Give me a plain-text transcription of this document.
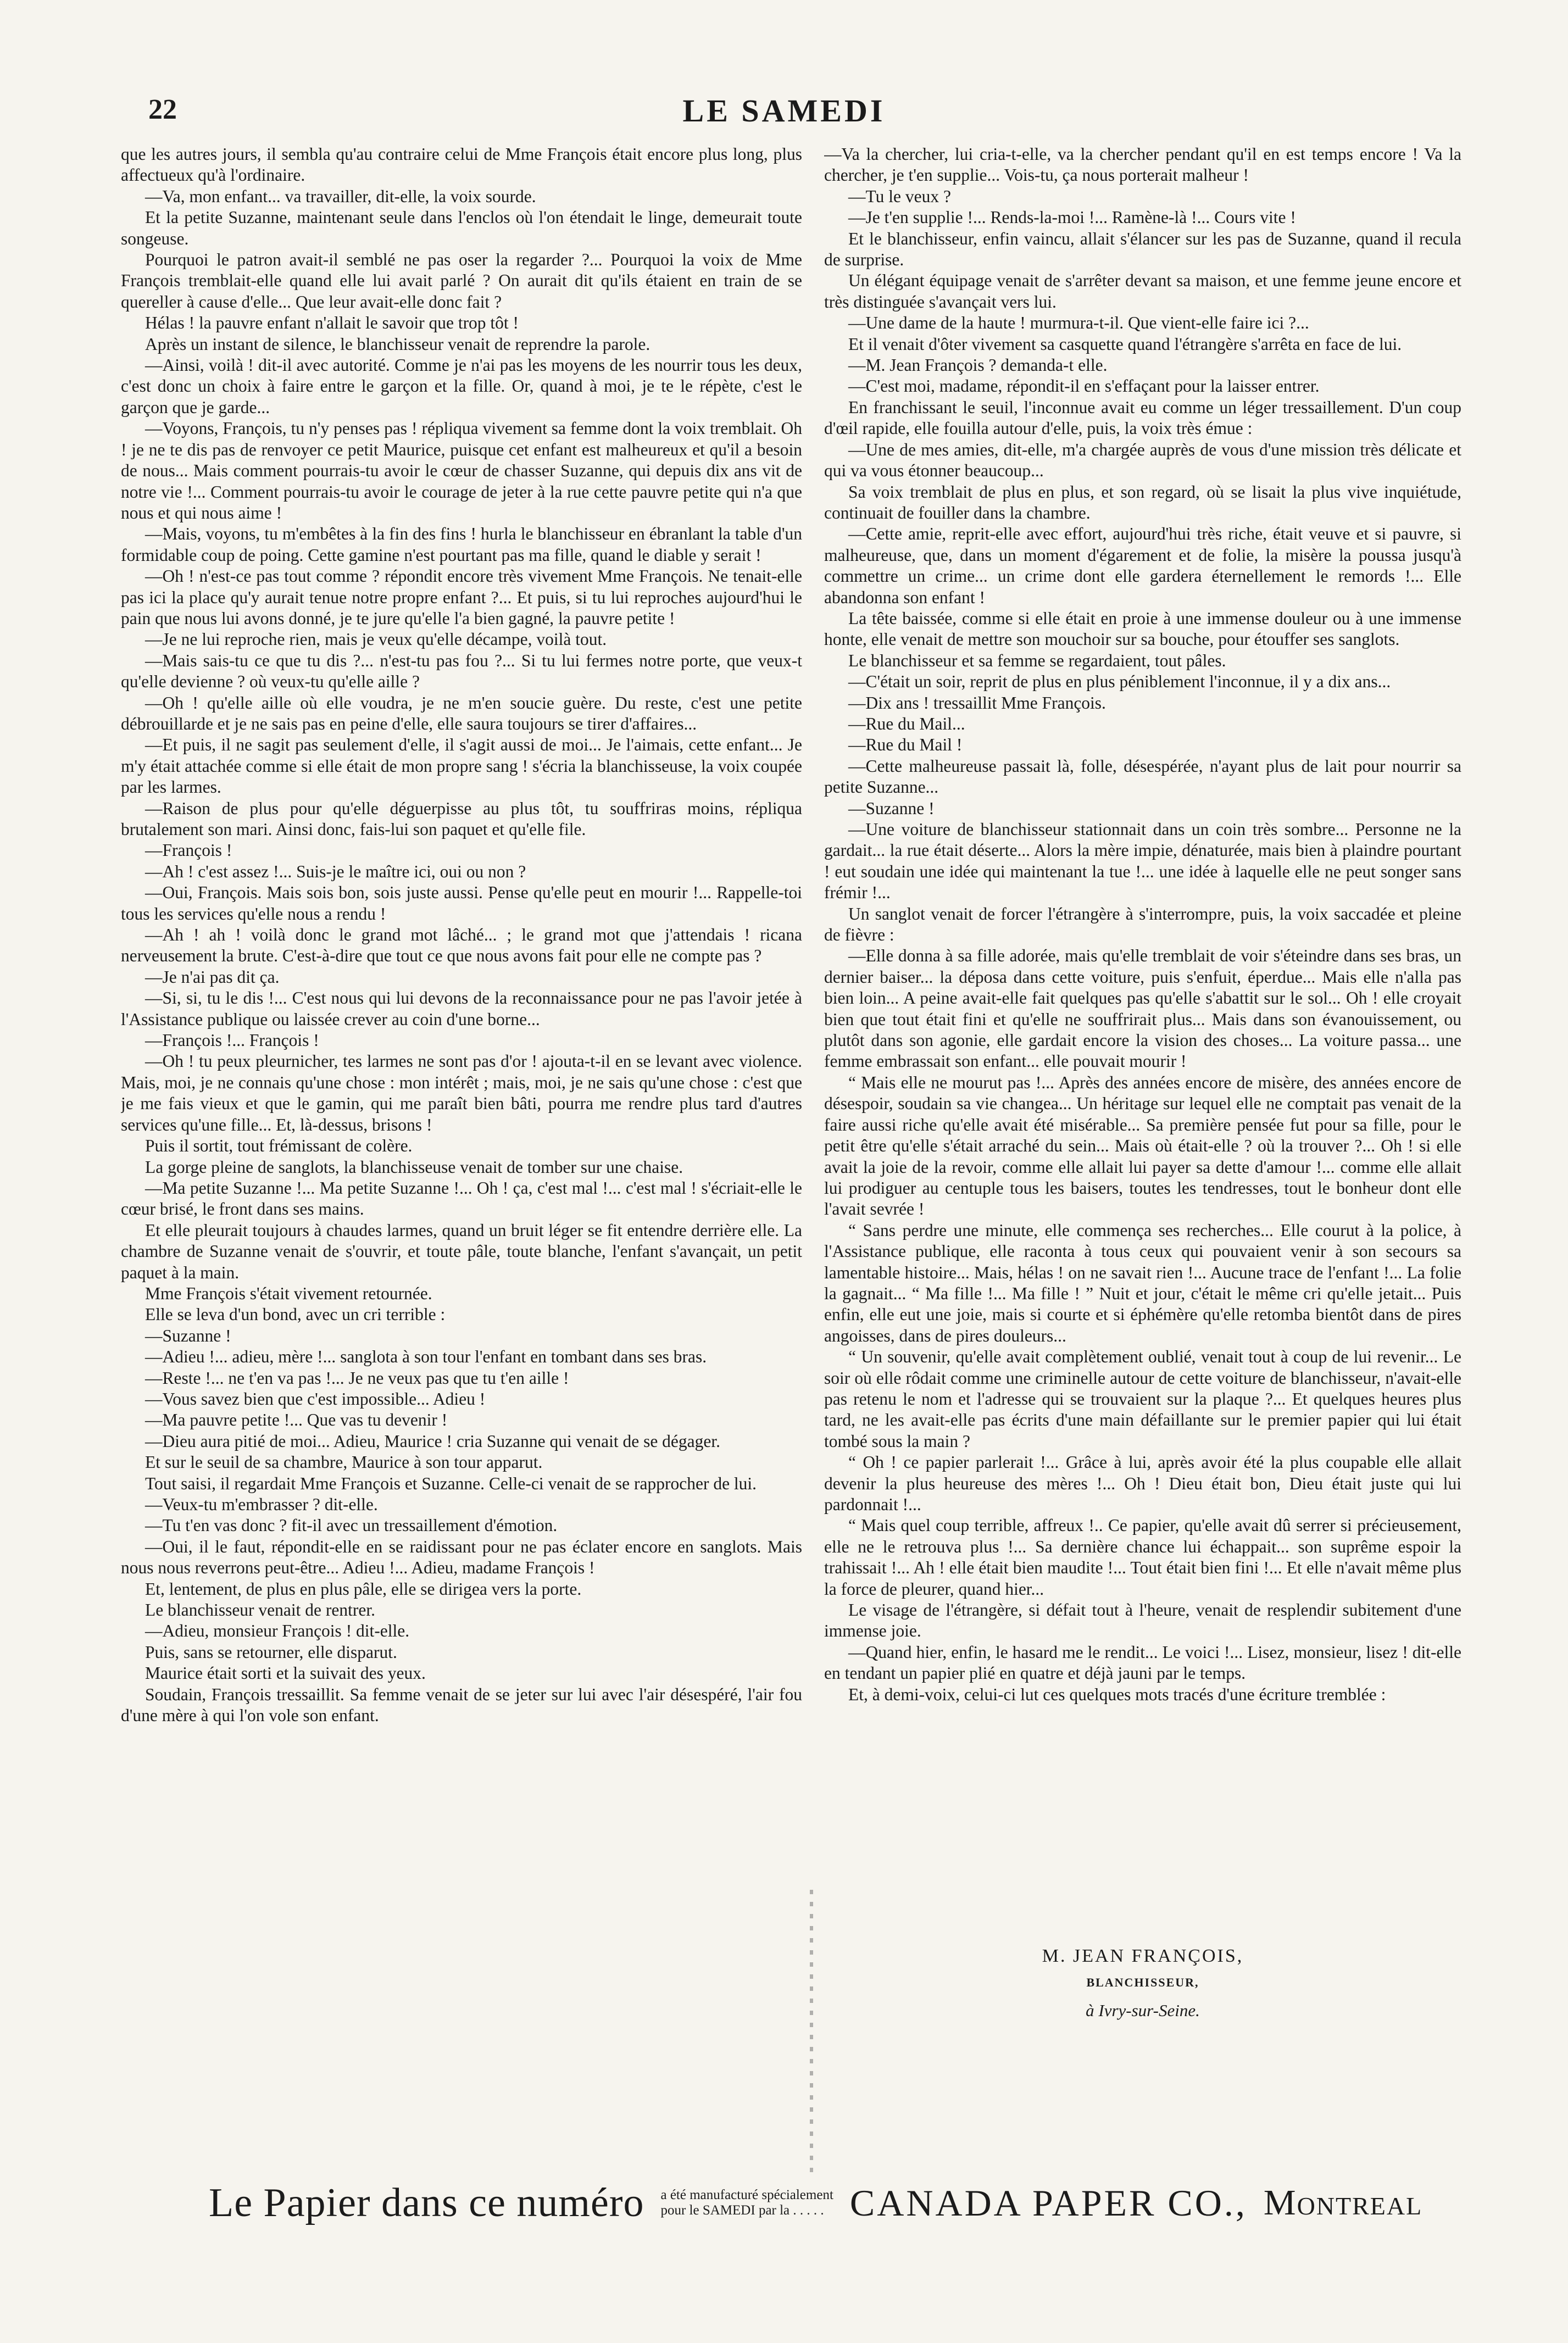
22	LE SAMEDI

que les autres jours, il sembla qu'au contraire celui de Mme François était encore plus long, plus affectueux qu'à l'ordinaire.

—Va, mon enfant... va travailler, dit-elle, la voix sourde.

Et la petite Suzanne, maintenant seule dans l'enclos où l'on étendait le linge, demeurait toute songeuse.

Pourquoi le patron avait-il semblé ne pas oser la regarder ?... Pourquoi la voix de Mme François tremblait-elle quand elle lui avait parlé ? On aurait dit qu'ils étaient en train de se quereller à cause d'elle... Que leur avait-elle donc fait ?

Hélas ! la pauvre enfant n'allait le savoir que trop tôt !

Après un instant de silence, le blanchisseur venait de reprendre la parole.

—Ainsi, voilà ! dit-il avec autorité. Comme je n'ai pas les moyens de les nourrir tous les deux, c'est donc un choix à faire entre le garçon et la fille. Or, quand à moi, je te le répète, c'est le garçon que je garde...

—Voyons, François, tu n'y penses pas ! répliqua vivement sa femme dont la voix tremblait. Oh ! je ne te dis pas de renvoyer ce petit Maurice, puisque cet enfant est malheureux et qu'il a besoin de nous... Mais comment pourrais-tu avoir le cœur de chasser Suzanne, qui depuis dix ans vit de notre vie !... Comment pourrais-tu avoir le courage de jeter à la rue cette pauvre petite qui n'a que nous et qui nous aime !

—Mais, voyons, tu m'embêtes à la fin des fins ! hurla le blanchisseur en ébranlant la table d'un formidable coup de poing. Cette gamine n'est pourtant pas ma fille, quand le diable y serait !

—Oh ! n'est-ce pas tout comme ? répondit encore très vivement Mme François. Ne tenait-elle pas ici la place qu'y aurait tenue notre propre enfant ?... Et puis, si tu lui reproches aujourd'hui le pain que nous lui avons donné, je te jure qu'elle l'a bien gagné, la pauvre petite !

—Je ne lui reproche rien, mais je veux qu'elle décampe, voilà tout.

—Mais sais-tu ce que tu dis ?... n'est-tu pas fou ?... Si tu lui fermes notre porte, que veux-t qu'elle devienne ? où veux-tu qu'elle aille ?

—Oh ! qu'elle aille où elle voudra, je ne m'en soucie guère. Du reste, c'est une petite débrouillarde et je ne sais pas en peine d'elle, elle saura toujours se tirer d'affaires...

—Et puis, il ne sagit pas seulement d'elle, il s'agit aussi de moi... Je l'aimais, cette enfant... Je m'y était attachée comme si elle était de mon propre sang ! s'écria la blanchisseuse, la voix coupée par les larmes.

—Raison de plus pour qu'elle déguerpisse au plus tôt, tu souffriras moins, répliqua brutalement son mari. Ainsi donc, fais-lui son paquet et qu'elle file.

—François !

—Ah ! c'est assez !... Suis-je le maître ici, oui ou non ?

—Oui, François. Mais sois bon, sois juste aussi. Pense qu'elle peut en mourir !... Rappelle-toi tous les services qu'elle nous a rendu !

—Ah ! ah ! voilà donc le grand mot lâché... ; le grand mot que j'attendais ! ricana nerveusement la brute. C'est-à-dire que tout ce que nous avons fait pour elle ne compte pas ?

—Je n'ai pas dit ça.

—Si, si, tu le dis !... C'est nous qui lui devons de la reconnaissance pour ne pas l'avoir jetée à l'Assistance publique ou laissée crever au coin d'une borne...

—François !... François !

—Oh ! tu peux pleurnicher, tes larmes ne sont pas d'or ! ajouta-t-il en se levant avec violence. Mais, moi, je ne connais qu'une chose : mon intérêt ; mais, moi, je ne sais qu'une chose : c'est que je me fais vieux et que le gamin, qui me paraît bien bâti, pourra me rendre plus tard d'autres services qu'une fille... Et, là-dessus, brisons !

Puis il sortit, tout frémissant de colère.

La gorge pleine de sanglots, la blanchisseuse venait de tomber sur une chaise.

—Ma petite Suzanne !... Ma petite Suzanne !... Oh ! ça, c'est mal !... c'est mal ! s'écriait-elle le cœur brisé, le front dans ses mains.

Et elle pleurait toujours à chaudes larmes, quand un bruit léger se fit entendre derrière elle. La chambre de Suzanne venait de s'ouvrir, et toute pâle, toute blanche, l'enfant s'avançait, un petit paquet à la main.

Mme François s'était vivement retournée.

Elle se leva d'un bond, avec un cri terrible :

—Suzanne !

—Adieu !... adieu, mère !... sanglota à son tour l'enfant en tombant dans ses bras.

—Reste !... ne t'en va pas !... Je ne veux pas que tu t'en aille !

—Vous savez bien que c'est impossible... Adieu !

—Ma pauvre petite !... Que vas tu devenir !

—Dieu aura pitié de moi... Adieu, Maurice ! cria Suzanne qui venait de se dégager.

Et sur le seuil de sa chambre, Maurice à son tour apparut.

Tout saisi, il regardait Mme François et Suzanne. Celle-ci venait de se rapprocher de lui.

—Veux-tu m'embrasser ? dit-elle.

—Tu t'en vas donc ? fit-il avec un tressaillement d'émotion.

—Oui, il le faut, répondit-elle en se raidissant pour ne pas éclater encore en sanglots. Mais nous nous reverrons peut-être... Adieu !... Adieu, madame François !

Et, lentement, de plus en plus pâle, elle se dirigea vers la porte.

Le blanchisseur venait de rentrer.

—Adieu, monsieur François ! dit-elle.

Puis, sans se retourner, elle disparut.

Maurice était sorti et la suivait des yeux.

Soudain, François tressaillit. Sa femme venait de se jeter sur lui avec l'air désespéré, l'air fou d'une mère à qui l'on vole son enfant.

—Va la chercher, lui cria-t-elle, va la chercher pendant qu'il en est temps encore ! Va la chercher, je t'en supplie... Vois-tu, ça nous porterait malheur !

—Tu le veux ?

—Je t'en supplie !... Rends-la-moi !... Ramène-là !... Cours vite !

Et le blanchisseur, enfin vaincu, allait s'élancer sur les pas de Suzanne, quand il recula de surprise.

Un élégant équipage venait de s'arrêter devant sa maison, et une femme jeune encore et très distinguée s'avançait vers lui.

—Une dame de la haute ! murmura-t-il. Que vient-elle faire ici ?...

Et il venait d'ôter vivement sa casquette quand l'étrangère s'arrêta en face de lui.

—M. Jean François ? demanda-t elle.

—C'est moi, madame, répondit-il en s'effaçant pour la laisser entrer.

En franchissant le seuil, l'inconnue avait eu comme un léger tressaillement. D'un coup d'œil rapide, elle fouilla autour d'elle, puis, la voix très émue :

—Une de mes amies, dit-elle, m'a chargée auprès de vous d'une mission très délicate et qui va vous étonner beaucoup...

Sa voix tremblait de plus en plus, et son regard, où se lisait la plus vive inquiétude, continuait de fouiller dans la chambre.

—Cette amie, reprit-elle avec effort, aujourd'hui très riche, était veuve et si pauvre, si malheureuse, que, dans un moment d'égarement et de folie, la misère la poussa jusqu'à commettre un crime... un crime dont elle gardera éternellement le remords !... Elle abandonna son enfant !

La tête baissée, comme si elle était en proie à une immense douleur ou à une immense honte, elle venait de mettre son mouchoir sur sa bouche, pour étouffer ses sanglots.

Le blanchisseur et sa femme se regardaient, tout pâles.

—C'était un soir, reprit de plus en plus péniblement l'inconnue, il y a dix ans...

—Dix ans ! tressaillit Mme François.

—Rue du Mail...

—Rue du Mail !

—Cette malheureuse passait là, folle, désespérée, n'ayant plus de lait pour nourrir sa petite Suzanne...

—Suzanne !

—Une voiture de blanchisseur stationnait dans un coin très sombre... Personne ne la gardait... la rue était déserte... Alors la mère impie, dénaturée, mais bien à plaindre pourtant ! eut soudain une idée qui maintenant la tue !... une idée à laquelle elle ne peut songer sans frémir !...

Un sanglot venait de forcer l'étrangère à s'interrompre, puis, la voix saccadée et pleine de fièvre :

—Elle donna à sa fille adorée, mais qu'elle tremblait de voir s'éteindre dans ses bras, un dernier baiser... la déposa dans cette voiture, puis s'enfuit, éperdue... Mais elle n'alla pas bien loin... A peine avait-elle fait quelques pas qu'elle s'abattit sur le sol... Oh ! elle croyait bien que tout était fini et qu'elle ne souffrirait plus... Mais dans son évanouissement, ou plutôt dans son agonie, elle gardait encore la vision des choses... La voiture passa... une femme embrassait son enfant... elle pouvait mourir !

“ Mais elle ne mourut pas !... Après des années encore de misère, des années encore de désespoir, soudain sa vie changea... Un héritage sur lequel elle ne comptait pas venait de la faire aussi riche qu'elle avait été misérable... Sa première pensée fut pour sa fille, pour le petit être qu'elle s'était arraché du sein... Mais où était-elle ? où la trouver ?... Oh ! si elle avait la joie de la revoir, comme elle allait lui payer sa dette d'amour !... comme elle allait lui prodiguer au centuple tous les baisers, toutes les tendresses, tout le bonheur dont elle l'avait sevrée !

“ Sans perdre une minute, elle commença ses recherches... Elle courut à la police, à l'Assistance publique, elle raconta à tous ceux qui pouvaient venir à son secours sa lamentable histoire... Mais, hélas ! on ne savait rien !... Aucune trace de l'enfant !... La folie la gagnait... “ Ma fille !... Ma fille ! ” Nuit et jour, c'était le même cri qu'elle jetait... Puis enfin, elle eut une joie, mais si courte et si éphémère qu'elle retomba bientôt dans de pires angoisses, dans de pires douleurs...

“ Un souvenir, qu'elle avait complètement oublié, venait tout à coup de lui revenir... Le soir où elle rôdait comme une criminelle autour de cette voiture de blanchisseur, n'avait-elle pas retenu le nom et l'adresse qui se trouvaient sur la plaque ?... Et quelques heures plus tard, ne les avait-elle pas écrits d'une main défaillante sur le premier papier qui lui était tombé sous la main ?

“ Oh ! ce papier parlerait !... Grâce à lui, après avoir été la plus coupable elle allait devenir la plus heureuse des mères !... Oh ! Dieu était bon, Dieu était juste qui lui pardonnait !...

“ Mais quel coup terrible, affreux !.. Ce papier, qu'elle avait dû serrer si précieusement, elle ne le retrouva plus !... Sa dernière chance lui échappait... son suprême espoir la trahissait !... Ah ! elle était bien maudite !... Tout était bien fini !... Et elle n'avait même plus la force de pleurer, quand hier...

Le visage de l'étrangère, si défait tout à l'heure, venait de resplendir subitement d'une immense joie.

—Quand hier, enfin, le hasard me le rendit... Le voici !... Lisez, monsieur, lisez ! dit-elle en tendant un papier plié en quatre et déjà jauni par le temps.

Et, à demi-voix, celui-ci lut ces quelques mots tracés d'une écriture tremblée :

M. JEAN FRANÇOIS,
BLANCHISSEUR,
à Ivry-sur-Seine.
Le Papier dans ce numéro a été manufacturé spécialement
pour le SAMEDI par la . . . . . CANADA PAPER CO., Montreal
